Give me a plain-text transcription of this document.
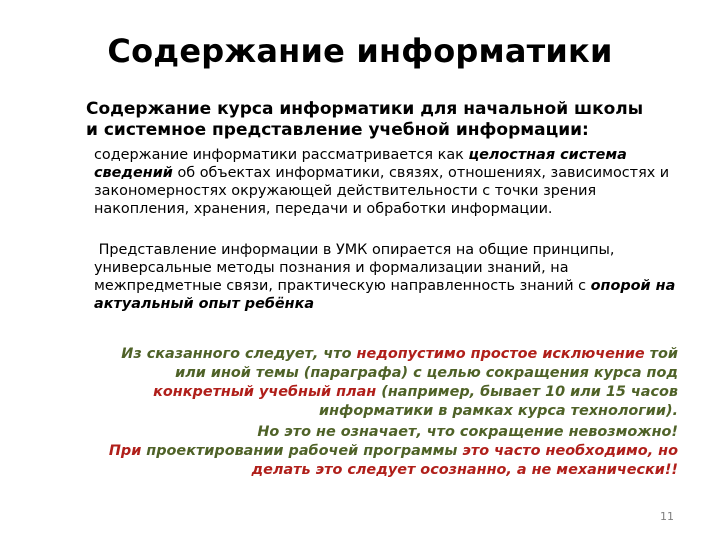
Содержание информатики
Содержание курса информатики для начальной школы и системное представление учебной информации:
содержание информатики рассматривается как целостная система сведений об объектах информатики, связях, отношениях, зависимостях и закономерностях окружающей действительности с точки зрения накопления, хранения, передачи и обработки информации.
Представление информации в УМК опирается на общие принципы, универсальные методы познания и формализации знаний, на межпредметные связи, практическую направленность знаний с опорой на актуальный опыт ребёнка
Из сказанного следует, что недопустимо простое исключение той или иной темы (параграфа) с целью сокращения курса под конкретный учебный план (например, бывает 10 или 15 часов информатики в рамках курса технологии).
Но это не означает, что сокращение невозможно!
При проектировании рабочей программы это часто необходимо, но делать это следует осознанно, а не механически!!
11
